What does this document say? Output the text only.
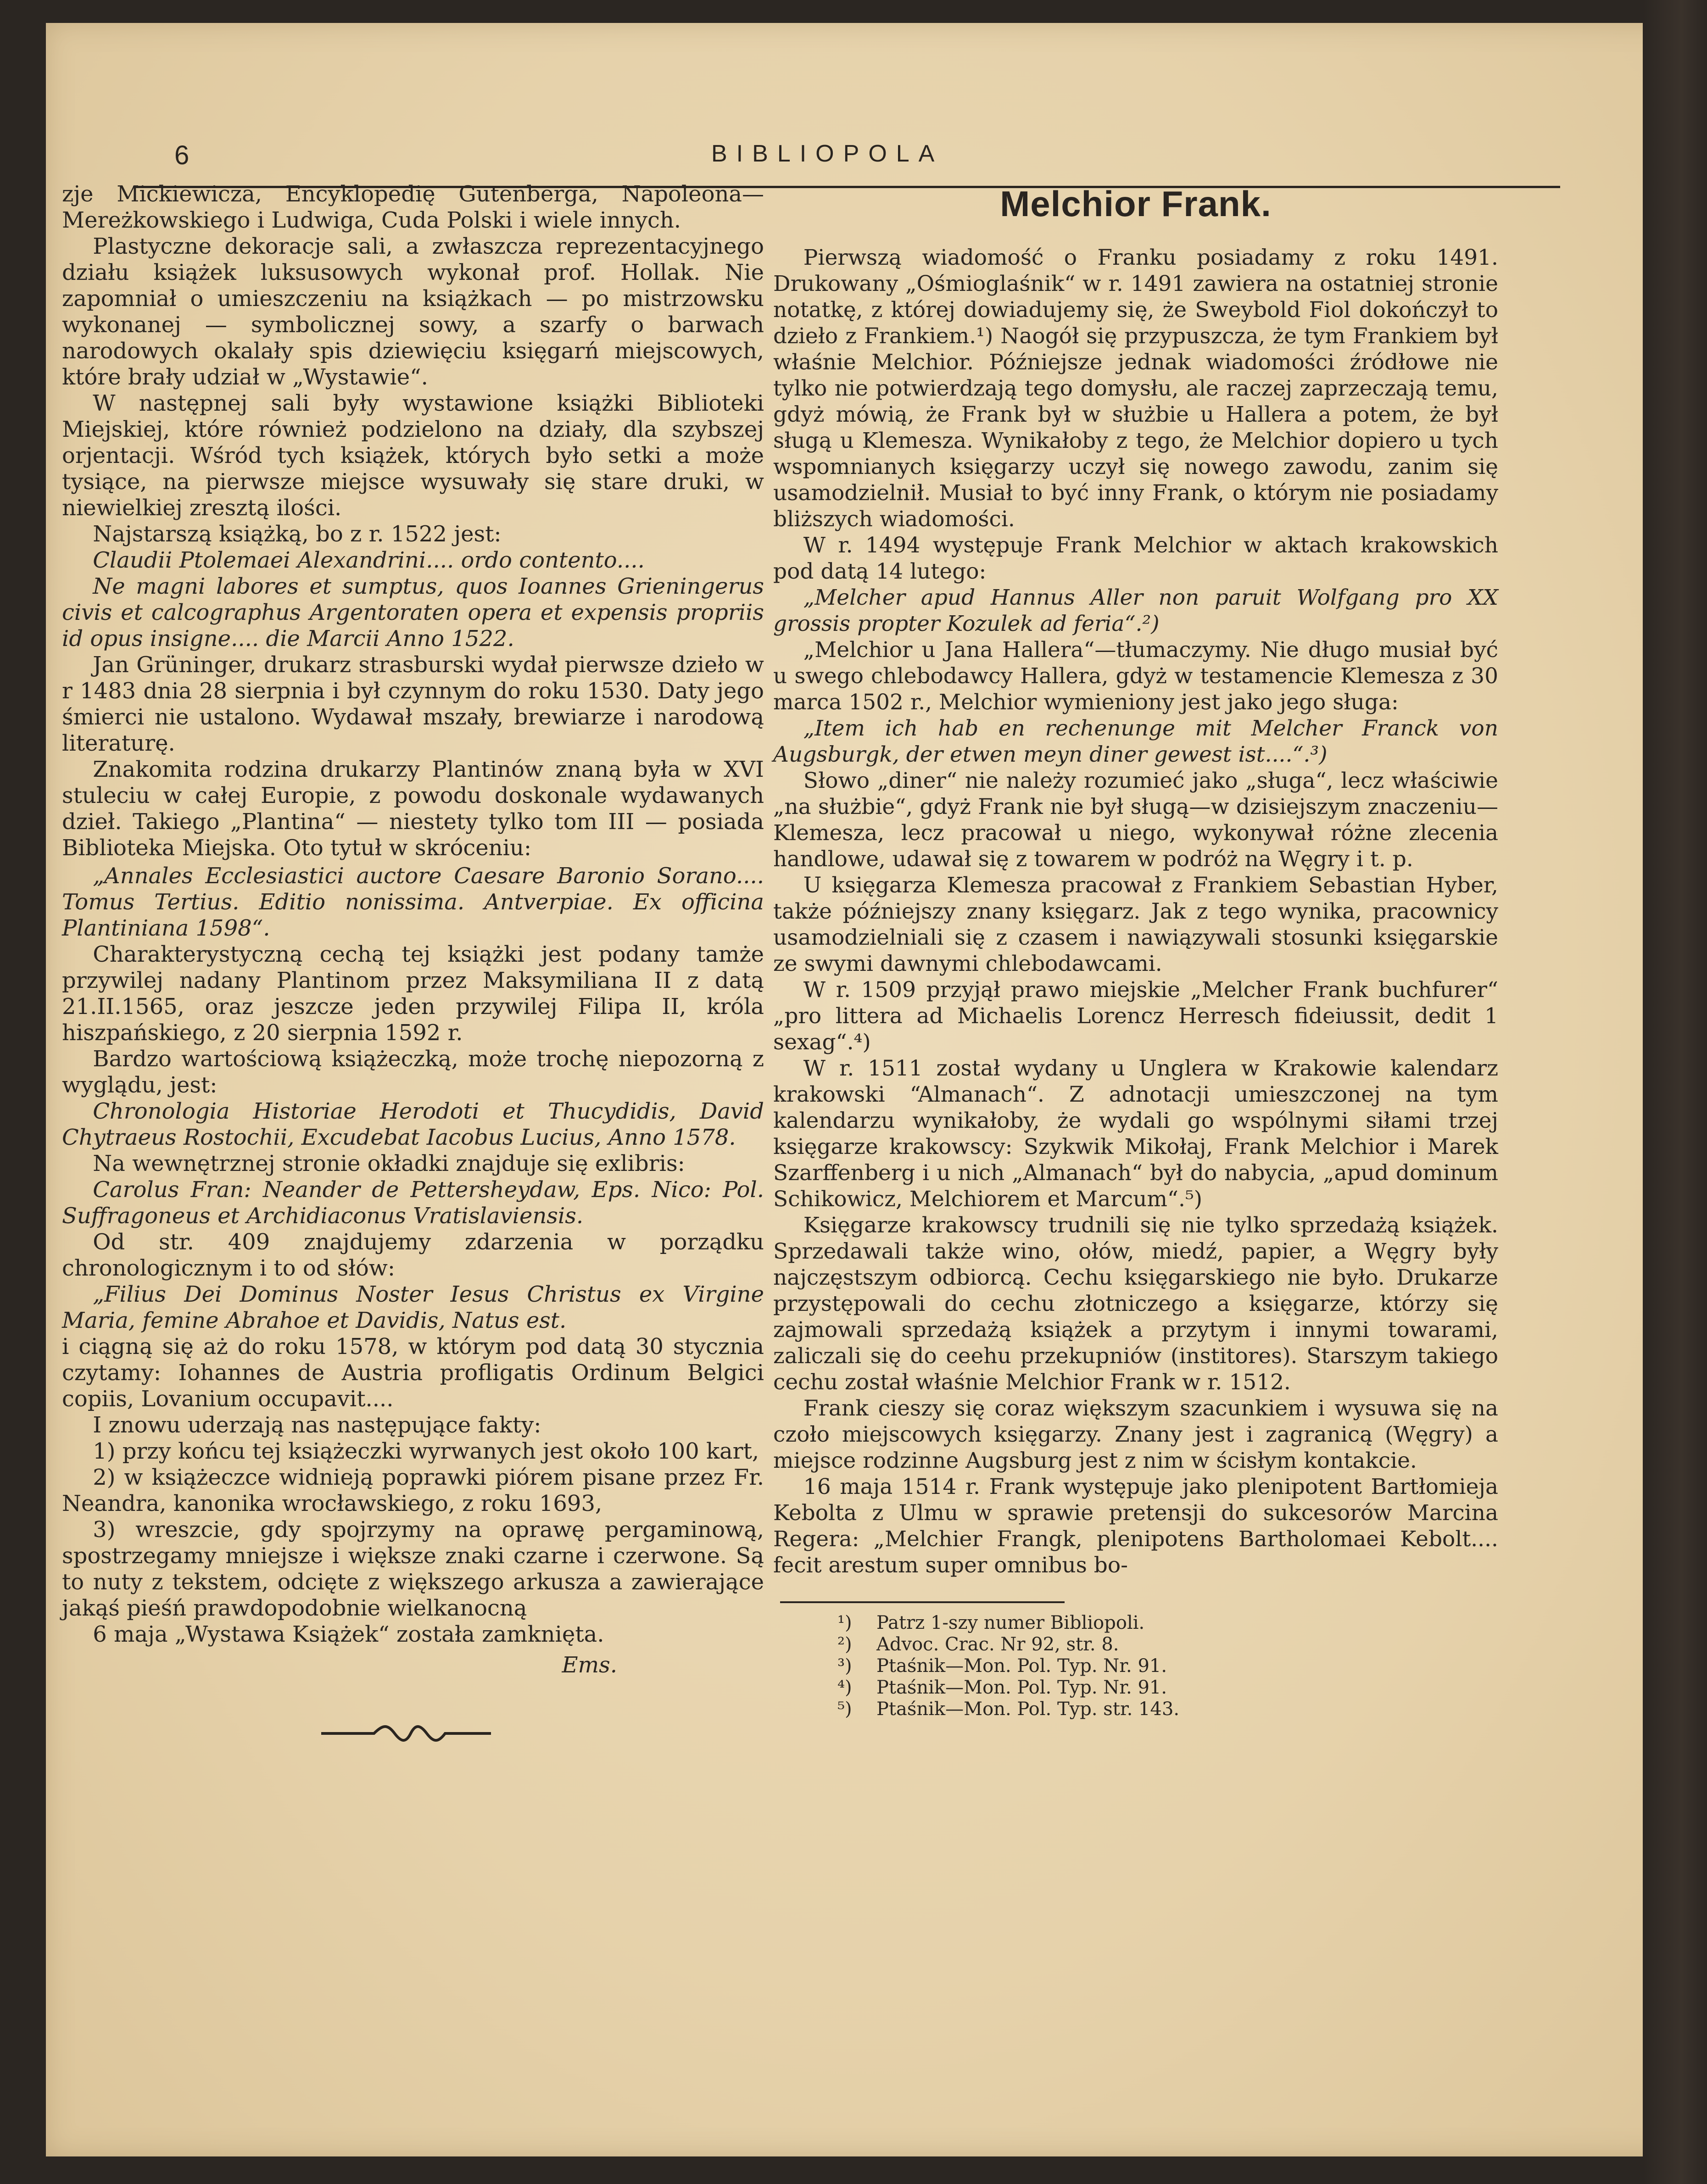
6	BIBLIOPOLA

zje Mickiewicza, Encyklopedię Gutenberga, Napoleona—Mereżkowskiego i Ludwiga, Cuda Polski i wiele innych.

Plastyczne dekoracje sali, a zwłaszcza reprezentacyjnego działu książek luksusowych wykonał prof. Hollak. Nie zapomniał o umieszczeniu na książkach — po mistrzowsku wykonanej — symbolicznej sowy, a szarfy o barwach narodowych okalały spis dziewięciu księgarń miejscowych, które brały udział w „Wystawie“.

W następnej sali były wystawione książki Biblioteki Miejskiej, które również podzielono na działy, dla szybszej orjentacji. Wśród tych książek, których było setki a może tysiące, na pierwsze miejsce wysuwały się stare druki, w niewielkiej zresztą ilości.

Najstarszą książką, bo z r. 1522 jest:

Claudii Ptolemaei Alexandrini.... ordo contento....

Ne magni labores et sumptus, quos Ioannes Grieningerus civis et calcographus Argentoraten opera et expensis propriis id opus insigne.... die Marcii Anno 1522.

Jan Grüninger, drukarz strasburski wydał pierwsze dzieło w r 1483 dnia 28 sierpnia i był czynnym do roku 1530. Daty jego śmierci nie ustalono. Wydawał mszały, brewiarze i narodową literaturę.

Znakomita rodzina drukarzy Plantinów znaną była w XVI stuleciu w całej Europie, z powodu doskonale wydawanych dzieł. Takiego „Plantina“ — niestety tylko tom III — posiada Biblioteka Miejska. Oto tytuł w skróceniu:

„Annales Ecclesiastici auctore Caesare Baronio Sorano.... Tomus Tertius. Editio nonissima. Antverpiae. Ex officina Plantiniana 1598“.

Charakterystyczną cechą tej książki jest podany tamże przywilej nadany Plantinom przez Maksymiliana II z datą 21.II.1565, oraz jeszcze jeden przywilej Filipa II, króla hiszpańskiego, z 20 sierpnia 1592 r.

Bardzo wartościową książeczką, może trochę niepozorną z wyglądu, jest:

Chronologia Historiae Herodoti et Thucydidis, David Chytraeus Rostochii, Excudebat Iacobus Lucius, Anno 1578.

Na wewnętrznej stronie okładki znajduje się exlibris:

Carolus Fran: Neander de Pettersheydaw, Eps. Nico: Pol. Suffragoneus et Archidiaconus Vratislaviensis.

Od str. 409 znajdujemy zdarzenia w porządku chronologicznym i to od słów:

„Filius Dei Dominus Noster Iesus Christus ex Virgine Maria, femine Abrahoe et Davidis, Natus est.

i ciągną się aż do roku 1578, w którym pod datą 30 stycznia czytamy: Iohannes de Austria profligatis Ordinum Belgici copiis, Lovanium occupavit....

I znowu uderzają nas następujące fakty:

1) przy końcu tej książeczki wyrwanych jest około 100 kart,

2) w książeczce widnieją poprawki piórem pisane przez Fr. Neandra, kanonika wrocławskiego, z roku 1693,

3) wreszcie, gdy spojrzymy na oprawę pergaminową, spostrzegamy mniejsze i większe znaki czarne i czerwone. Są to nuty z tekstem, odcięte z większego arkusza a zawierające jakąś pieśń prawdopodobnie wielkanocną

6 maja „Wystawa Książek“ została zamknięta.

Ems.
Melchior Frank.

Pierwszą wiadomość o Franku posiadamy z roku 1491. Drukowany „Ośmioglaśnik“ w r. 1491 zawiera na ostatniej stronie notatkę, z której dowiadujemy się, że Sweybold Fiol dokończył to dzieło z Frankiem.¹) Naogół się przypuszcza, że tym Frankiem był właśnie Melchior. Późniejsze jednak wiadomości źródłowe nie tylko nie potwierdzają tego domysłu, ale raczej zaprzeczają temu, gdyż mówią, że Frank był w służbie u Hallera a potem, że był sługą u Klemesza. Wynikałoby z tego, że Melchior dopiero u tych wspomnianych księgarzy uczył się nowego zawodu, zanim się usamodzielnił. Musiał to być inny Frank, o którym nie posiadamy bliższych wiadomości.

W r. 1494 występuje Frank Melchior w aktach krakowskich pod datą 14 lutego:

„Melcher apud Hannus Aller non paruit Wolfgang pro XX grossis propter Kozulek ad feria“.²)

„Melchior u Jana Hallera“—tłumaczymy. Nie długo musiał być u swego chlebodawcy Hallera, gdyż w testamencie Klemesza z 30 marca 1502 r., Melchior wymieniony jest jako jego sługa:

„Item ich hab en rechenunge mit Melcher Franck von Augsburgk, der etwen meyn diner gewest ist....“.³)

Słowo „diner“ nie należy rozumieć jako „sługa“, lecz właściwie „na służbie“, gdyż Frank nie był sługą—w dzisiejszym znaczeniu—Klemesza, lecz pracował u niego, wykonywał różne zlecenia handlowe, udawał się z towarem w podróż na Węgry i t. p.

U księgarza Klemesza pracował z Frankiem Sebastian Hyber, także późniejszy znany księgarz. Jak z tego wynika, pracownicy usamodzielniali się z czasem i nawiązywali stosunki księgarskie ze swymi dawnymi chlebodawcami.

W r. 1509 przyjął prawo miejskie „Melcher Frank buchfurer“ „pro littera ad Michaelis Lorencz Herresch fideiussit, dedit 1 sexag“.⁴)

W r. 1511 został wydany u Unglera w Krakowie kalendarz krakowski “Almanach“. Z adnotacji umieszczonej na tym kalendarzu wynikałoby, że wydali go wspólnymi siłami trzej księgarze krakowscy: Szykwik Mikołaj, Frank Melchior i Marek Szarffenberg i u nich „Almanach“ był do nabycia, „apud dominum Schikowicz, Melchiorem et Marcum“.⁵)

Księgarze krakowscy trudnili się nie tylko sprzedażą książek. Sprzedawali także wino, ołów, miedź, papier, a Węgry były najczęstszym odbiorcą. Cechu księgarskiego nie było. Drukarze przystępowali do cechu złotniczego a księgarze, którzy się zajmowali sprzedażą książek a przytym i innymi towarami, zaliczali się do ceehu przekupniów (institores). Starszym takiego cechu został właśnie Melchior Frank w r. 1512.

Frank cieszy się coraz większym szacunkiem i wysuwa się na czoło miejscowych księgarzy. Znany jest i zagranicą (Węgry) a miejsce rodzinne Augsburg jest z nim w ścisłym kontakcie.

16 maja 1514 r. Frank występuje jako plenipotent Bartłomieja Kebolta z Ulmu w sprawie pretensji do sukcesorów Marcina Regera: „Melchier Frangk, plenipotens Bartholomaei Kebolt.... fecit arestum super omnibus bo-

¹)	Patrz 1-szy numer Bibliopoli.
²)	Advoc. Crac. Nr 92, str. 8.
³)	Ptaśnik—Mon. Pol. Typ. Nr. 91.
⁴)	Ptaśnik—Mon. Pol. Typ. Nr. 91.
⁵)	Ptaśnik—Mon. Pol. Typ. str. 143.
